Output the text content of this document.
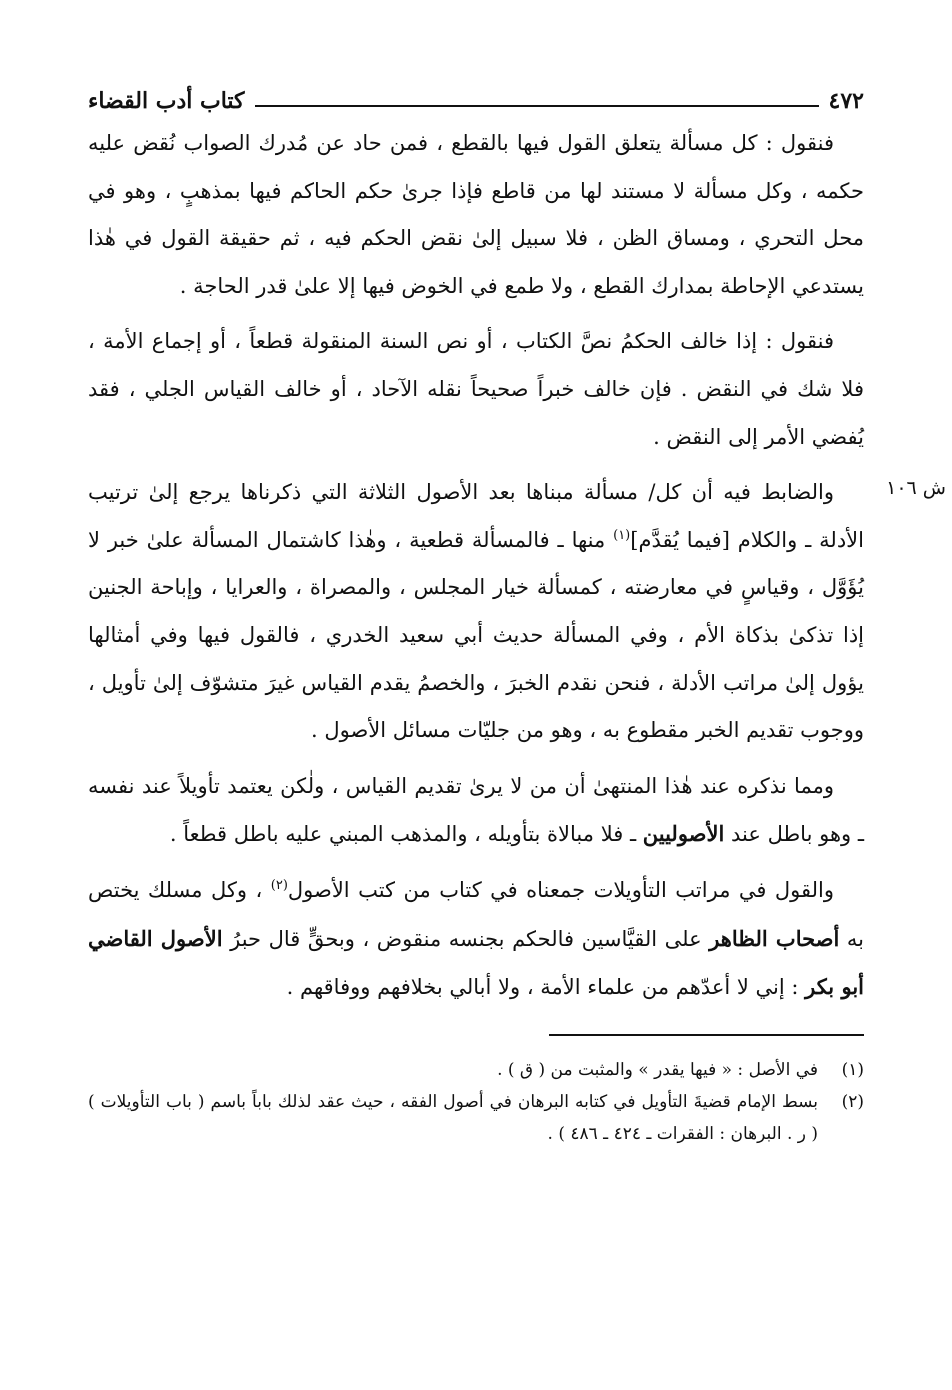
٤٧٢
كتاب أدب القضاء

فنقول : كل مسألة يتعلق القول فيها بالقطع ، فمن حاد عن مُدرك الصواب نُقض عليه حكمه ، وكل مسألة لا مستند لها من قاطع فإذا جرىٰ حكم الحاكم فيها بمذهبٍ ، وهو في محل التحري ، ومساق الظن ، فلا سبيل إلىٰ نقض الحكم فيه ، ثم حقيقة القول في هٰذا يستدعي الإحاطة بمدارك القطع ، ولا طمع في الخوض فيها إلا علىٰ قدر الحاجة .

فنقول : إذا خالف الحكمُ نصَّ الكتاب ، أو نص السنة المنقولة قطعاً ، أو إجماع الأمة ، فلا شك في النقض . فإن خالف خبراً صحيحاً نقله الآحاد ، أو خالف القياس الجلي ، فقد يُفضي الأمر إلى النقض .

ش ١٠٦

والضابط فيه أن كل/ مسألة مبناها بعد الأصول الثلاثة التي ذكرناها يرجع إلىٰ ترتيب الأدلة ـ والكلام [فيما يُقدَّم]$^{(١)}$ منها ـ فالمسألة قطعية ، وهٰذا كاشتمال المسألة علىٰ خبر لا يُؤَوَّل ، وقياسٍ في معارضته ، كمسألة خيار المجلس ، والمصراة ، والعرايا ، وإباحة الجنين إذا تذكىٰ بذكاة الأم ، وفي المسألة حديث أبي سعيد الخدري ، فالقول فيها وفي أمثالها يؤول إلىٰ مراتب الأدلة ، فنحن نقدم الخبرَ ، والخصمُ يقدم القياس غيرَ متشوّف إلىٰ تأويل ، ووجوب تقديم الخبر مقطوع به ، وهو من جليّات مسائل الأصول .

ومما نذكره عند هٰذا المنتهىٰ أن من لا يرىٰ تقديم القياس ، ولٰكن يعتمد تأويلاً عند نفسه ـ وهو باطل عند الأصوليين ـ فلا مبالاة بتأويله ، والمذهب المبني عليه باطل قطعاً .

والقول في مراتب التأويلات جمعناه في كتاب من كتب الأصول$^{(٢)}$ ، وكل مسلك يختص به أصحاب الظاهر على القيَّاسين فالحكم بجنسه منقوض ، وبحقٍّ قال حبرُ الأصول القاضي أبو بكر : إني لا أعدّهم من علماء الأمة ، ولا أبالي بخلافهم ووفاقهم .

(١)
في الأصل : « فيها يقدر » والمثبت من ( ق ) .
(٢)
بسط الإمام قضيةَ التأويل في كتابه البرهان في أصول الفقه ، حيث عقد لذلك باباً باسم ( باب التأويلات ) ( ر . البرهان : الفقرات ـ ٤٢٤ ـ ٤٨٦ ) .
